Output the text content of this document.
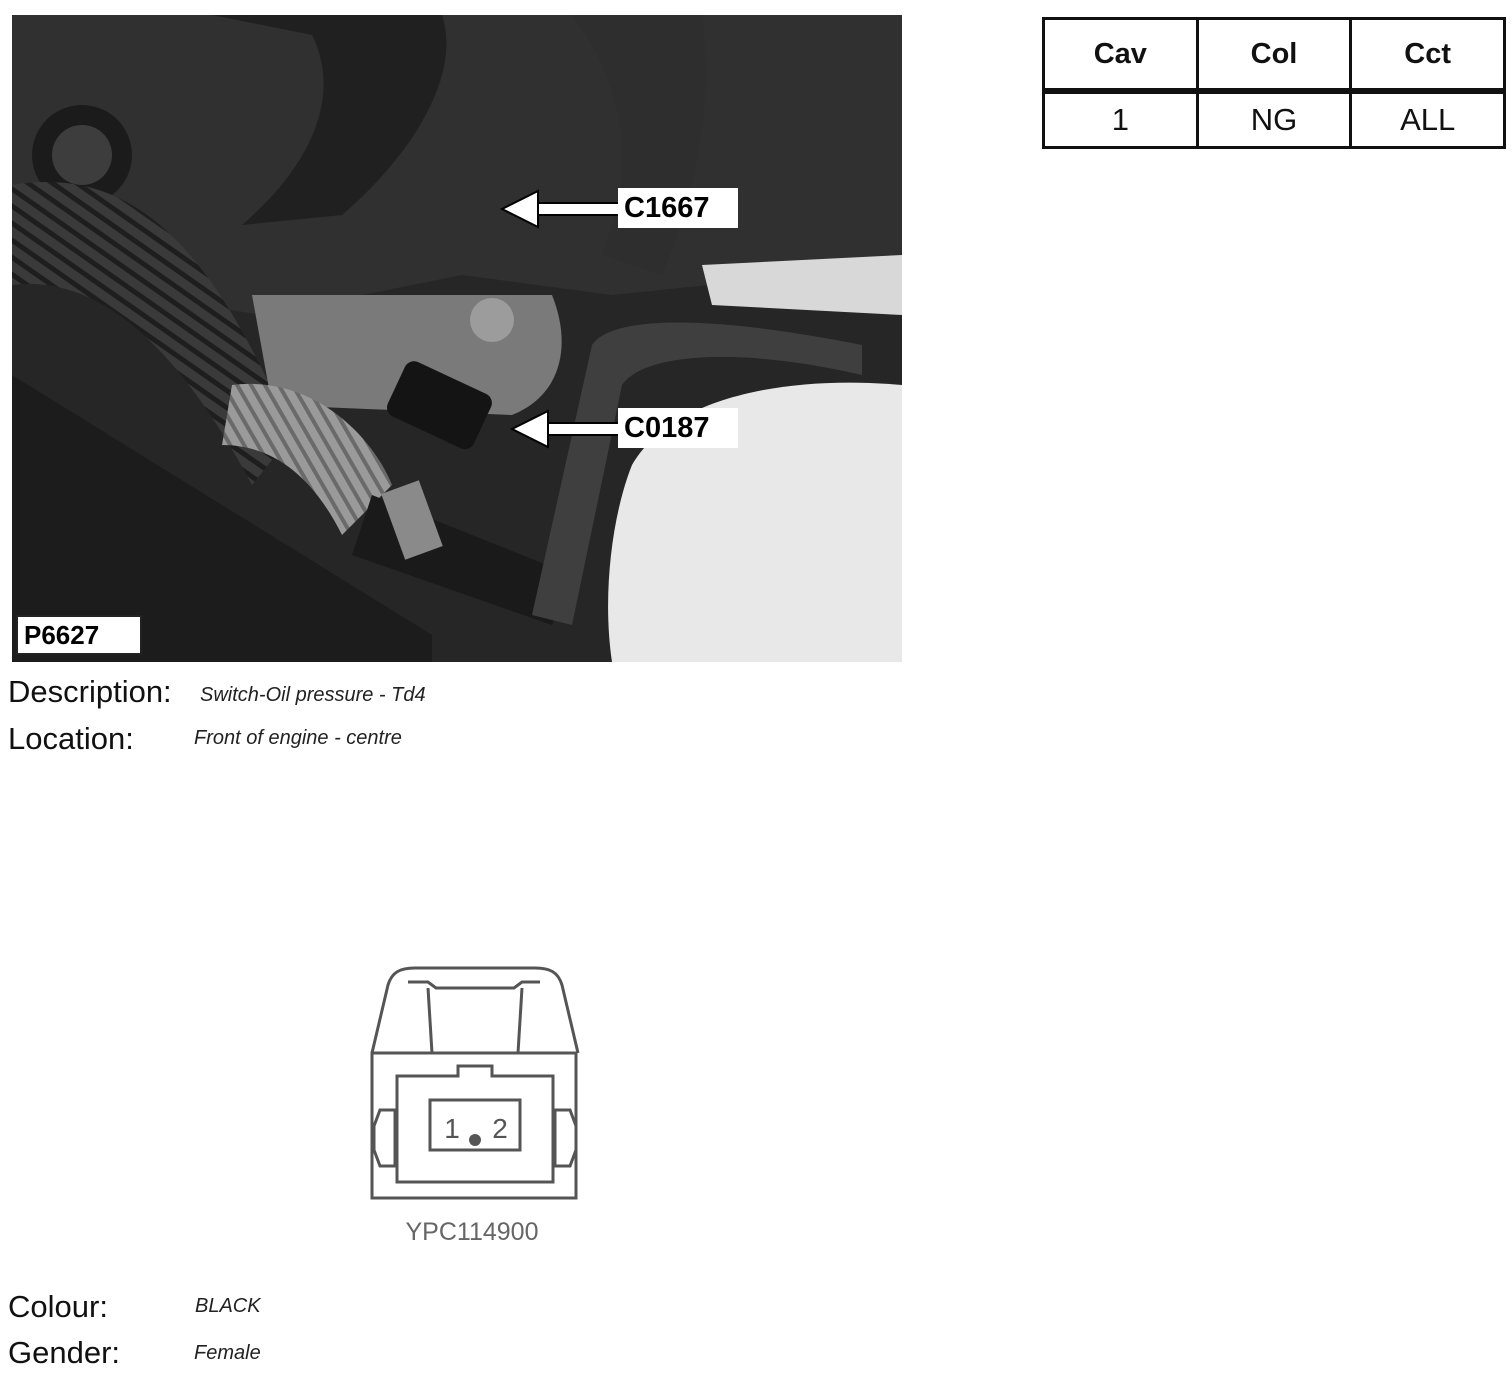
C1667
C0187
P6627
Cav	Col	Cct
1	NG	ALL
Description: Switch-Oil pressure - Td4
Location:	Front of engine - centre
1 2
YPC114900
Colour:	BLACK
Gender:	Female
